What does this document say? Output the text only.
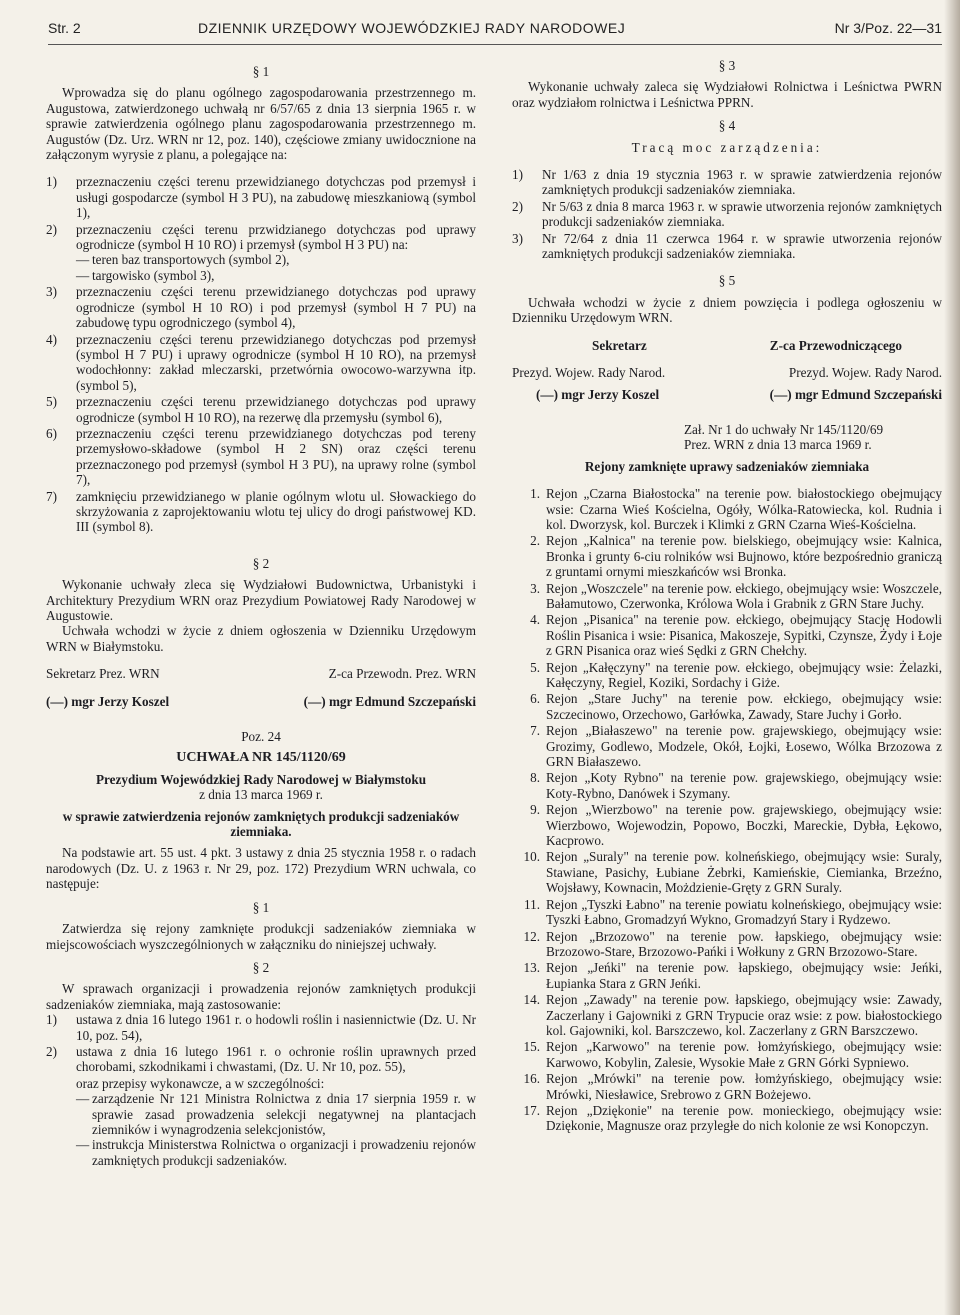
Str. 2	DZIENNIK URZĘDOWY WOJEWÓDZKIEJ RADY NARODOWEJ	Nr 3/Poz. 22—31

§ 1

Wprowadza się do planu ogólnego zagospodarowania przestrzennego m. Augustowa, zatwierdzonego uchwałą nr 6/57/65 z dnia 13 sierpnia 1965 r. w sprawie zatwierdzenia ogólnego planu zagospodarowania przestrzennego m. Augustów (Dz. Urz. WRN nr 12, poz. 140), częściowe zmiany uwidocznione na załączonym wyrysie z planu, a polegające na:

1)	przeznaczeniu części terenu przewidzianego dotychczas pod przemysł i usługi gospodarcze (symbol H 3 PU), na zabudowę mieszkaniową (symbol 1),
2)	przeznaczeniu części terenu przwidzianego dotychczas pod uprawy ogrodnicze (symbol H 10 RO) i przemysł (symbol H 3 PU) na:
— teren baz transportowych (symbol 2),
— targowisko (symbol 3),
3)	przeznaczeniu części terenu przewidzianego dotychczas pod uprawy ogrodnicze (symbol H 10 RO) i pod przemysł (symbol H 7 PU) na zabudowę typu ogrodniczego (symbol 4),
4)	przeznaczeniu części terenu przewidzianego dotychczas pod przemysł (symbol H 7 PU) i uprawy ogrodnicze (symbol H 10 RO), na przemysł wodochłonny: zakład mleczarski, przetwórnia owocowo-warzywna itp. (symbol 5),
5)	przeznaczeniu części terenu przewidzianego dotychczas pod uprawy ogrodnicze (symbol H 10 RO), na rezerwę dla przemysłu (symbol 6),
6)	przeznaczeniu części terenu przewidzianego dotychczas pod tereny przemysłowo-składowe (symbol H 2 SN) oraz części terenu przeznaczonego pod przemysł (symbol H 3 PU), na uprawy rolne (symbol 7),
7)	zamknięciu przewidzianego w planie ogólnym wlotu ul. Słowackiego do skrzyżowania z zaprojektowaniu wlotu tej ulicy do drogi państwowej KD. III (symbol 8).

§ 2

Wykonanie uchwały zleca się Wydziałowi Budownictwa, Urbanistyki i Architektury Prezydium WRN oraz Prezydium Powiatowej Rady Narodowej w Augustowie.

Uchwała wchodzi w życie z dniem ogłoszenia w Dzienniku Urzędowym WRN w Białymstoku.

Sekretarz Prez. WRN	Z-ca Przewodn. Prez. WRN
(—) mgr Jerzy Koszel	(—) mgr Edmund Szczepański

Poz. 24

UCHWAŁA NR 145/1120/69

Prezydium Wojewódzkiej Rady Narodowej w Białymstoku

z dnia 13 marca 1969 r.

w sprawie zatwierdzenia rejonów zamkniętych produkcji sadzeniaków ziemniaka.

Na podstawie art. 55 ust. 4 pkt. 3 ustawy z dnia 25 stycznia 1958 r. o radach narodowych (Dz. U. z 1963 r. Nr 29, poz. 172) Prezydium WRN uchwala, co następuje:

§ 1

Zatwierdza się rejony zamknięte produkcji sadzeniaków ziemniaka w miejscowościach wyszczególnionych w załączniku do niniejszej uchwały.

§ 2

W sprawach organizacji i prowadzenia rejonów zamkniętych produkcji sadzeniaków ziemniaka, mają zastosowanie:

1)	ustawa z dnia 16 lutego 1961 r. o hodowli roślin i nasiennictwie (Dz. U. Nr 10, poz. 54),
2)	ustawa z dnia 16 lutego 1961 r. o ochronie roślin uprawnych przed chorobami, szkodnikami i chwastami, (Dz. U. Nr 10, poz. 55),

oraz przepisy wykonawcze, a w szczególności:

— zarządzenie Nr 121 Ministra Rolnictwa z dnia 17 sierpnia 1959 r. w sprawie zasad prowadzenia selekcji negatywnej na plantacjach ziemników i wynagrodzenia selekcjonistów,
— instrukcja Ministerstwa Rolnictwa o organizacji i prowadzeniu rejonów zamkniętych produkcji sadzeniaków.

§ 3

Wykonanie uchwały zaleca się Wydziałowi Rolnictwa i Leśnictwa PWRN oraz wydziałom rolnictwa i Leśnictwa PPRN.

§ 4

Tracą moc zarządzenia:

1)	Nr 1/63 z dnia 19 stycznia 1963 r. w sprawie zatwierdzenia rejonów zamkniętych produkcji sadzeniaków ziemniaka.
2)	Nr 5/63 z dnia 8 marca 1963 r. w sprawie utworzenia rejonów zamkniętych produkcji sadzeniaków ziemniaka.
3)	Nr 72/64 z dnia 11 czerwca 1964 r. w sprawie utworzenia rejonów zamkniętych produkcji sadzeniaków ziemniaka.

§ 5

Uchwała wchodzi w życie z dniem powzięcia i podlega ogłoszeniu w Dzienniku Urzędowym WRN.

Sekretarz	Z-ca Przewodniczącego
Prezyd. Wojew. Rady Narod.	Prezyd. Wojew. Rady Narod.
(—) mgr Jerzy Koszel	(—) mgr Edmund Szczepański

Zał. Nr 1 do uchwały Nr 145/1120/69

Prez. WRN z dnia 13 marca 1969 r.

Rejony zamknięte uprawy sadzeniaków ziemniaka

1. Rejon „Czarna Białostocka" na terenie pow. białostockiego obejmujący wsie: Czarna Wieś Kościelna, Ogóły, Wólka-Ratowiecka, kol. Rudnia i kol. Dworzysk, kol. Burczek i Klimki z GRN Czarna Wieś-Kościelna.
2. Rejon „Kalnica" na terenie pow. bielskiego, obejmujący wsie: Kalnica, Bronka i grunty 6-ciu rolników wsi Bujnowo, które bezpośrednio graniczą z gruntami ornymi mieszkańców wsi Bronka.
3. Rejon „Woszczele" na terenie pow. ełckiego, obejmujący wsie: Woszczele, Bałamutowo, Czerwonka, Królowa Wola i Grabnik z GRN Stare Juchy.
4. Rejon „Pisanica" na terenie pow. ełckiego, obejmujący Stację Hodowli Roślin Pisanica i wsie: Pisanica, Makoszeje, Sypitki, Czynsze, Żydy i Łoje z GRN Pisanica oraz wieś Sędki z GRN Chełchy.
5. Rejon „Kałęczyny" na terenie pow. ełckiego, obejmujący wsie: Żelazki, Kałęczyny, Regiel, Koziki, Sordachy i Giże.
6. Rejon „Stare Juchy" na terenie pow. ełckiego, obejmujący wsie: Szczecinowo, Orzechowo, Garłówka, Zawady, Stare Juchy i Gorło.
7. Rejon „Białaszewo" na terenie pow. grajewskiego, obejmujący wsie: Grozimy, Godlewo, Modzele, Okół, Łojki, Łosewo, Wólka Brzozowa z GRN Białaszewo.
8. Rejon „Koty Rybno" na terenie pow. grajewskiego, obejmujący wsie: Koty-Rybno, Danówek i Szymany.
9. Rejon „Wierzbowo" na terenie pow. grajewskiego, obejmujący wsie: Wierzbowo, Wojewodzin, Popowo, Boczki, Mareckie, Dybła, Łękowo, Kacprowo.
10. Rejon „Suraly" na terenie pow. kolneńskiego, obejmujący wsie: Suraly, Stawiane, Pasichy, Łubiane Żebrki, Kamieńskie, Ciemianka, Brzeźno, Wojsławy, Kownacin, Możdzienie-Gręty z GRN Suraly.
11. Rejon „Tyszki Łabno" na terenie powiatu kolneńskiego, obejmujący wsie: Tyszki Łabno, Gromadzyń Wykno, Gromadzyń Stary i Rydzewo.
12. Rejon „Brzozowo" na terenie pow. łapskiego, obejmujący wsie: Brzozowo-Stare, Brzozowo-Pańki i Wołkuny z GRN Brzozowo-Stare.
13. Rejon „Jeńki" na terenie pow. łapskiego, obejmujący wsie: Jeńki, Łupianka Stara z GRN Jeńki.
14. Rejon „Zawady" na terenie pow. łapskiego, obejmujący wsie: Zawady, Zaczerlany i Gajowniki z GRN Trypucie oraz wsie: z pow. białostockiego kol. Gajowniki, kol. Barszczewo, kol. Zaczerlany z GRN Barszczewo.
15. Rejon „Karwowo" na terenie pow. łomżyńskiego, obejmujący wsie: Karwowo, Kobylin, Zalesie, Wysokie Małe z GRN Górki Sypniewo.
16. Rejon „Mrówki" na terenie pow. łomżyńskiego, obejmujący wsie: Mrówki, Niesławice, Srebrowo z GRN Bożejewo.
17. Rejon „Dziękonie" na terenie pow. monieckiego, obejmujący wsie: Dziękonie, Magnusze oraz przyległe do nich kolonie ze wsi Konopczyn.
